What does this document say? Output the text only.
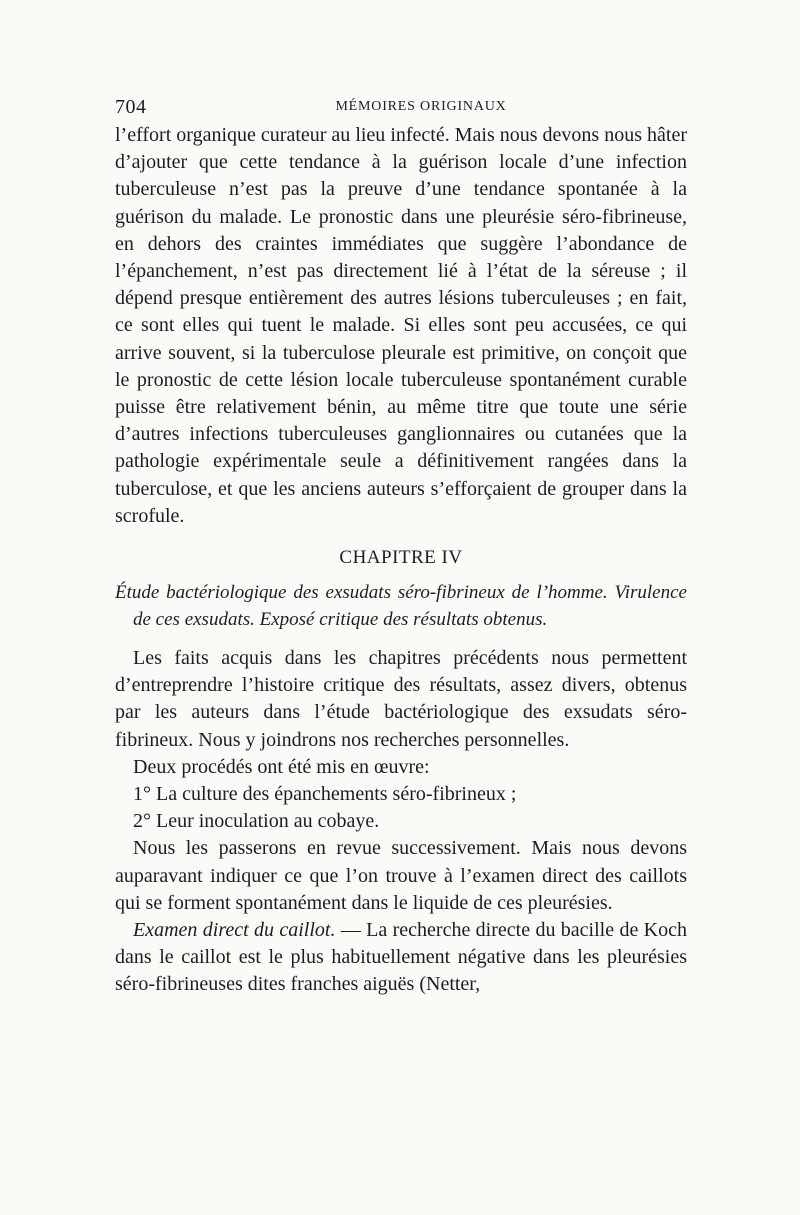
704	MÉMOIRES ORIGINAUX

l’effort organique curateur au lieu infecté. Mais nous devons nous hâter d’ajouter que cette tendance à la guérison locale d’une infection tuberculeuse n’est pas la preuve d’une tendance spontanée à la guérison du malade. Le pronostic dans une pleurésie séro-fibrineuse, en dehors des craintes immédiates que suggère l’abondance de l’épanchement, n’est pas directement lié à l’état de la séreuse ; il dépend presque entièrement des autres lésions tuberculeuses ; en fait, ce sont elles qui tuent le malade. Si elles sont peu accusées, ce qui arrive souvent, si la tuberculose pleurale est primitive, on conçoit que le pronostic de cette lésion locale tuberculeuse spontanément curable puisse être relativement bénin, au même titre que toute une série d’autres infections tuberculeuses ganglionnaires ou cutanées que la pathologie expérimentale seule a définitivement rangées dans la tuberculose, et que les anciens auteurs s’efforçaient de grouper dans la scrofule.

CHAPITRE IV

Étude bactériologique des exsudats séro-fibrineux de l’homme. Virulence de ces exsudats. Exposé critique des résultats obtenus.

Les faits acquis dans les chapitres précédents nous permettent d’entreprendre l’histoire critique des résultats, assez divers, obtenus par les auteurs dans l’étude bactériologique des exsudats séro-fibrineux. Nous y joindrons nos recherches personnelles.

Deux procédés ont été mis en œuvre:

1° La culture des épanchements séro-fibrineux ;

2° Leur inoculation au cobaye.

Nous les passerons en revue successivement. Mais nous devons auparavant indiquer ce que l’on trouve à l’examen direct des caillots qui se forment spontanément dans le liquide de ces pleurésies.

Examen direct du caillot. — La recherche directe du bacille de Koch dans le caillot est le plus habituellement négative dans les pleurésies séro-fibrineuses dites franches aiguës (Netter,
